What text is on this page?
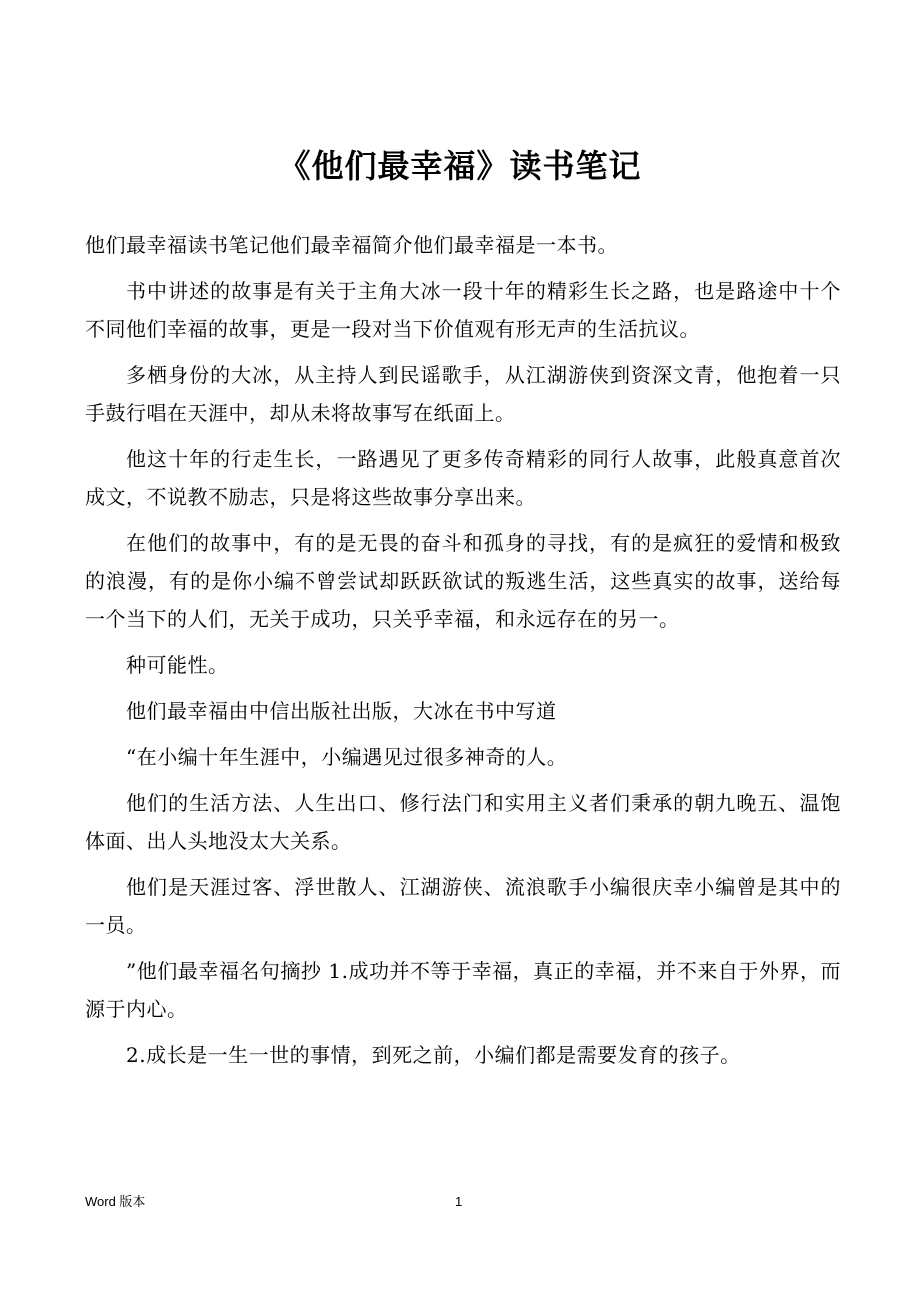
《他们最幸福》读书笔记

他们最幸福读书笔记他们最幸福简介他们最幸福是一本书。

书中讲述的故事是有关于主角大冰一段十年的精彩生长之路，也是路途中十个不同他们幸福的故事，更是一段对当下价值观有形无声的生活抗议。

多栖身份的大冰，从主持人到民谣歌手，从江湖游侠到资深文青，他抱着一只手鼓行唱在天涯中，却从未将故事写在纸面上。

他这十年的行走生长，一路遇见了更多传奇精彩的同行人故事，此般真意首次成文，不说教不励志，只是将这些故事分享出来。

在他们的故事中，有的是无畏的奋斗和孤身的寻找，有的是疯狂的爱情和极致的浪漫，有的是你小编不曾尝试却跃跃欲试的叛逃生活，这些真实的故事，送给每一个当下的人们，无关于成功，只关乎幸福，和永远存在的另一。

种可能性。

他们最幸福由中信出版社出版，大冰在书中写道

“在小编十年生涯中，小编遇见过很多神奇的人。

他们的生活方法、人生出口、修行法门和实用主义者们秉承的朝九晚五、温饱体面、出人头地没太大关系。

他们是天涯过客、浮世散人、江湖游侠、流浪歌手小编很庆幸小编曾是其中的一员。

”他们最幸福名句摘抄 1.成功并不等于幸福，真正的幸福，并不来自于外界，而源于内心。

2.成长是一生一世的事情，到死之前，小编们都是需要发育的孩子。

Word 版本	1
